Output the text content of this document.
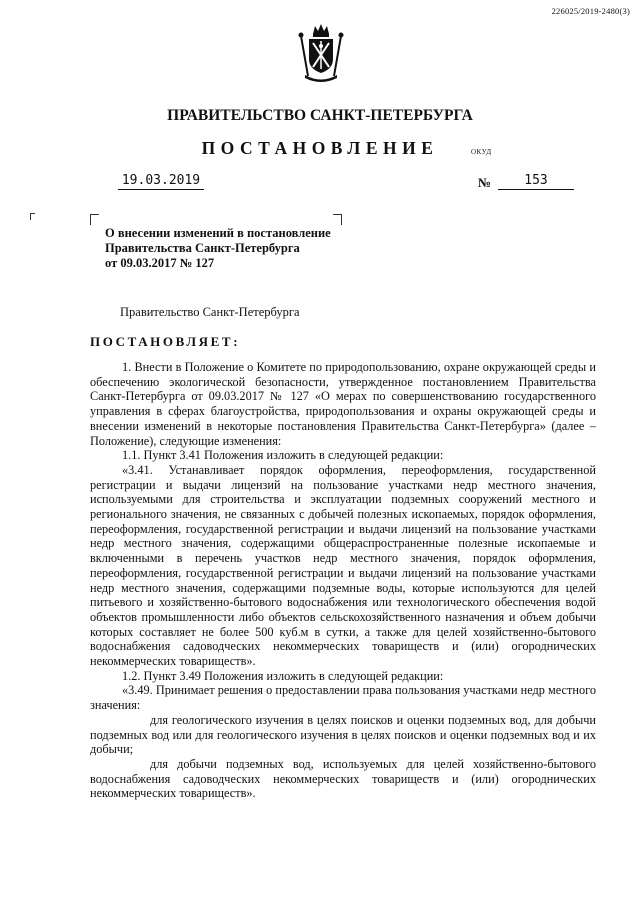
226025/2019-2480(3)
ПРАВИТЕЛЬСТВО САНКТ-ПЕТЕРБУРГА
ПОСТАНОВЛЕНИЕ	ОКУД
19.03.2019	№	153
О внесении изменений в постановление
Правительства Санкт-Петербурга
от 09.03.2017 № 127
Правительство Санкт-Петербурга
ПОСТАНОВЛЯЕТ:

1. Внести в Положение о Комитете по природопользованию, охране окружающей среды и обеспечению экологической безопасности, утвержденное постановлением Правительства Санкт-Петербурга от 09.03.2017 № 127 «О мерах по совершенствованию государственного управления в сферах благоустройства, природопользования и охраны окружающей среды и внесении изменений в некоторые постановления Правительства Санкт-Петербурга» (далее – Положение), следующие изменения:

1.1. Пункт 3.41 Положения изложить в следующей редакции:

«3.41. Устанавливает порядок оформления, переоформления, государственной регистрации и выдачи лицензий на пользование участками недр местного значения, используемыми для строительства и эксплуатации подземных сооружений местного и регионального значения, не связанных с добычей полезных ископаемых, порядок оформления, переоформления, государственной регистрации и выдачи лицензий на пользование участками недр местного значения, содержащими общераспространенные полезные ископаемые и включенными в перечень участков недр местного значения, порядок оформления, переоформления, государственной регистрации и выдачи лицензий на пользование участками недр местного значения, содержащими подземные воды, которые используются для целей питьевого и хозяйственно-бытового водоснабжения или технологического обеспечения водой объектов промышленности либо объектов сельскохозяйственного назначения и объем добычи которых составляет не более 500 куб.м в сутки, а также для целей хозяйственно-бытового водоснабжения садоводческих некоммерческих товариществ и (или) огороднических некоммерческих товариществ».

1.2. Пункт 3.49 Положения изложить в следующей редакции:

«3.49. Принимает решения о предоставлении права пользования участками недр местного значения:

для геологического изучения в целях поисков и оценки подземных вод, для добычи подземных вод или для геологического изучения в целях поисков и оценки подземных вод и их добычи;

для добычи подземных вод, используемых для целей хозяйственно-бытового водоснабжения садоводческих некоммерческих товариществ и (или) огороднических некоммерческих товариществ».
